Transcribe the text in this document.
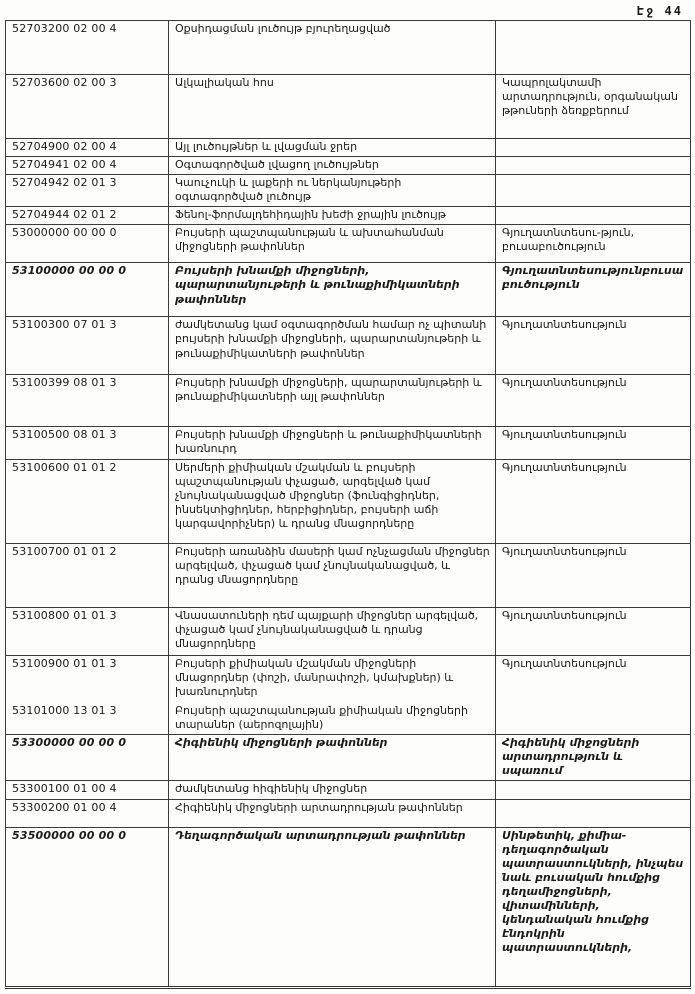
Էջ 44
52703200 02 00 4	Օքսիդացման լուծույթ բյուրեղացված	
52703600 02 00 3	Ալկալիական հոս	Կապրոլակտամի արտադրություն, օրգանական թթուների ձեռքբերում
52704900 02 00 4	Այլ լուծույթներ և լվացման ջրեր	
52704941 02 00 4	Օգտագործված լվացող լուծույթներ	
52704942 02 01 3	Կաուչուկի և լաքերի ու ներկանյութերի օգտագործված լուծույթ	
52704944 02 01 2	Ֆենոլ-ֆորմալդեհիդային խեժի ջրային լուծույթ	
53000000 00 00 0	Բույսերի պաշտպանության և ախտահանման միջոցների թափոններ	Գյուղատնտեսու-թյուն, բուսաբուծություն
53100000 00 00 0	Բույսերի խնամքի միջոցների, պարարտանյութերի և թունաքիմիկատների թափոններ	Գյուղատնտեսությունբուսա բուծություն
53100300 07 01 3	ժամկետանց կամ օգտագործման համար ոչ պիտանի բույսերի խնամքի միջոցների, պարարտանյութերի և թունաքիմիկատների թափոններ	Գյուղատնտեսություն
53100399 08 01 3	Բույսերի խնամքի միջոցների, պարարտանյութերի և թունաքիմիկատների այլ թափոններ	Գյուղատնտեսություն
53100500 08 01 3	Բույսերի խնամքի միջոցների և թունաքիմիկատների խառնուրդ	Գյուղատնտեսություն
53100600 01 01 2	Սերմերի քիմիական մշակման և բույսերի պաշտպանության փչացած, արգելված կամ չնույնականացված միջոցներ (ֆունգիցիդներ, ինսեկտիցիդներ, հերբիցիդներ, բույսերի աճի կարգավորիչներ) և դրանց մնացորդները	Գյուղատնտեսություն
53100700 01 01 2	Բույսերի առանձին մասերի կամ ոչնչացման միջոցներ արգելված, փչացած կամ չնույնականացված, և դրանց մնացորդները	Գյուղատնտեսություն
53100800 01 01 3	Վնասատուների դեմ պայքարի միջոցներ արգելված, փչացած կամ չնույնականացված և դրանց մնացորդները	Գյուղատնտեսություն
53100900 01 01 3	Բույսերի քիմիական մշակման միջոցների մնացորդներ (փոշի, մանրափոշի, կմախքներ) և խառնուրդներ	Գյուղատնտեսություն
53101000 13 01 3	Բույսերի պաշտպանության քիմիական միջոցների տարաներ (աերոզոլային)	
53300000 00 00 0	Հիգիենիկ միջոցների թափոններ	Հիգիենիկ միջոցների արտադրություն և սպառում
53300100 01 00 4	ժամկետանց հիգիենիկ միջոցներ	
53300200 01 00 4	Հիգիենիկ միջոցների արտադրության թափոններ	
53500000 00 00 0	Դեղագործական արտադրության թափոններ	Սինթետիկ, քիմիա-դեղագործական պատրաստուկների, ինչպես նաև բուսական հումքից դեղամիջոցների, վիտամինների, կենդանական հումքից էնդոկրին պատրաստուկների,
